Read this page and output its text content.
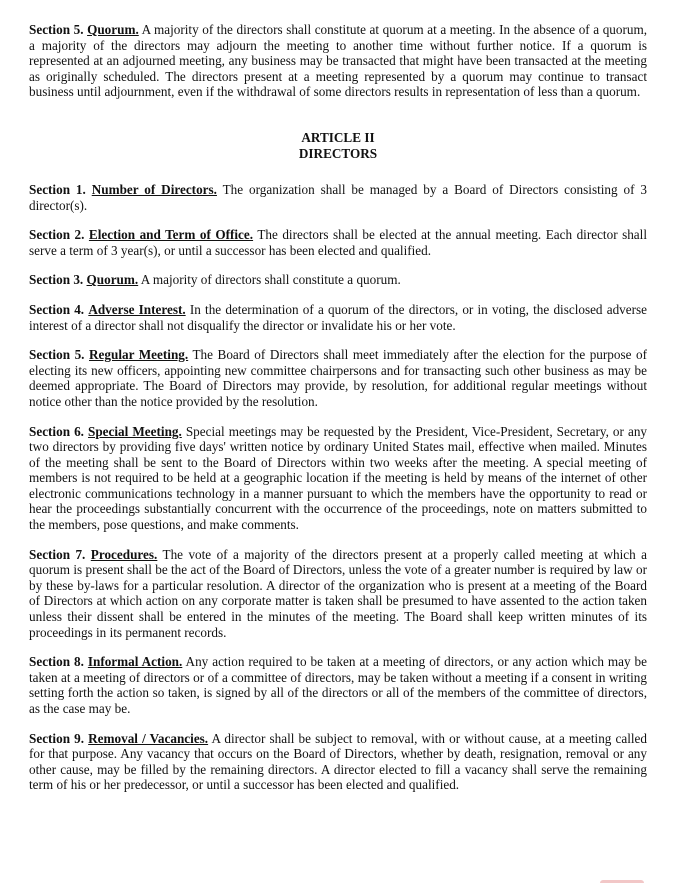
Section 5. Quorum. A majority of the directors shall constitute at quorum at a meeting. In the absence of a quorum, a majority of the directors may adjourn the meeting to another time without further notice. If a quorum is represented at an adjourned meeting, any business may be transacted that might have been transacted at the meeting as originally scheduled. The directors present at a meeting represented by a quorum may continue to transact business until adjournment, even if the withdrawal of some directors results in representation of less than a quorum.

ARTICLE II
DIRECTORS

Section 1. Number of Directors. The organization shall be managed by a Board of Directors consisting of 3 director(s).

Section 2. Election and Term of Office. The directors shall be elected at the annual meeting. Each director shall serve a term of 3 year(s), or until a successor has been elected and qualified.

Section 3. Quorum. A majority of directors shall constitute a quorum.

Section 4. Adverse Interest. In the determination of a quorum of the directors, or in voting, the disclosed adverse interest of a director shall not disqualify the director or invalidate his or her vote.

Section 5. Regular Meeting. The Board of Directors shall meet immediately after the election for the purpose of electing its new officers, appointing new committee chairpersons and for transacting such other business as may be deemed appropriate. The Board of Directors may provide, by resolution, for additional regular meetings without notice other than the notice provided by the resolution.

Section 6. Special Meeting. Special meetings may be requested by the President, Vice-President, Secretary, or any two directors by providing five days' written notice by ordinary United States mail, effective when mailed. Minutes of the meeting shall be sent to the Board of Directors within two weeks after the meeting. A special meeting of members is not required to be held at a geographic location if the meeting is held by means of the internet of other electronic communications technology in a manner pursuant to which the members have the opportunity to read or hear the proceedings substantially concurrent with the occurrence of the proceedings, note on matters submitted to the members, pose questions, and make comments.

Section 7. Procedures. The vote of a majority of the directors present at a properly called meeting at which a quorum is present shall be the act of the Board of Directors, unless the vote of a greater number is required by law or by these by-laws for a particular resolution. A director of the organization who is present at a meeting of the Board of Directors at which action on any corporate matter is taken shall be presumed to have assented to the action taken unless their dissent shall be entered in the minutes of the meeting. The Board shall keep written minutes of its proceedings in its permanent records.

Section 8. Informal Action. Any action required to be taken at a meeting of directors, or any action which may be taken at a meeting of directors or of a committee of directors, may be taken without a meeting if a consent in writing setting forth the action so taken, is signed by all of the directors or all of the members of the committee of directors, as the case may be.

Section 9. Removal / Vacancies. A director shall be subject to removal, with or without cause, at a meeting called for that purpose. Any vacancy that occurs on the Board of Directors, whether by death, resignation, removal or any other cause, may be filled by the remaining directors. A director elected to fill a vacancy shall serve the remaining term of his or her predecessor, or until a successor has been elected and qualified.
